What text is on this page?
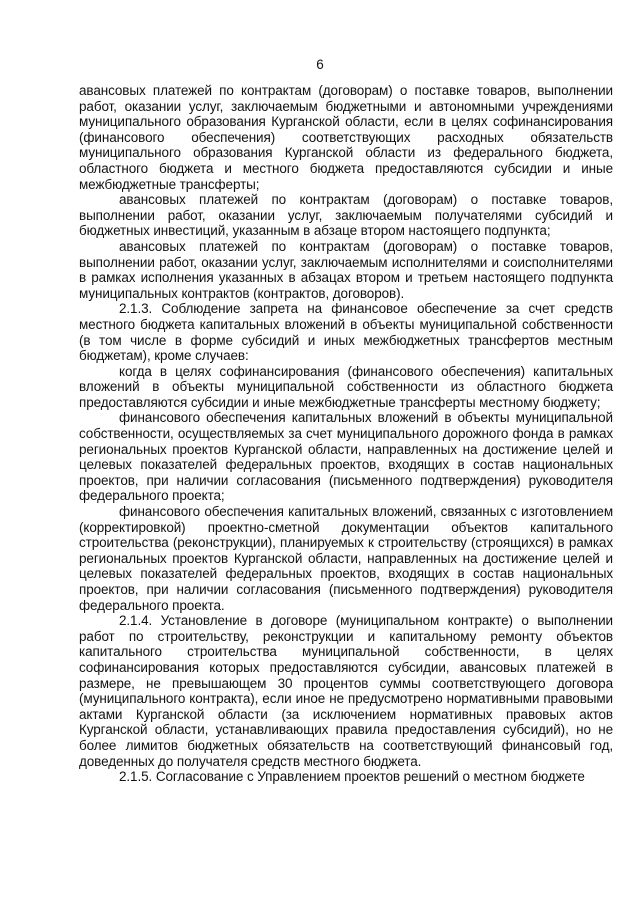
6

авансовых платежей по контрактам (договорам) о поставке товаров, выполнении работ, оказании услуг, заключаемым бюджетными и автономными учреждениями муниципального образования Курганской области, если в целях софинансирования (финансового обеспечения) соответствующих расходных обязательств муниципального образования Курганской области из федерального бюджета, областного бюджета и местного бюджета предоставляются субсидии и иные межбюджетные трансферты;

авансовых платежей по контрактам (договорам) о поставке товаров, выполнении работ, оказании услуг, заключаемым получателями субсидий и бюджетных инвестиций, указанным в абзаце втором настоящего подпункта;

авансовых платежей по контрактам (договорам) о поставке товаров, выполнении работ, оказании услуг, заключаемым исполнителями и соисполнителями в рамках исполнения указанных в абзацах втором и третьем настоящего подпункта муниципальных контрактов (контрактов, договоров).

2.1.3. Соблюдение запрета на финансовое обеспечение за счет средств местного бюджета капитальных вложений в объекты муниципальной собственности (в том числе в форме субсидий и иных межбюджетных трансфертов местным бюджетам), кроме случаев:

когда в целях софинансирования (финансового обеспечения) капитальных вложений в объекты муниципальной собственности из областного бюджета предоставляются субсидии и иные межбюджетные трансферты местному бюджету;

финансового обеспечения капитальных вложений в объекты муниципальной собственности, осуществляемых за счет муниципального дорожного фонда в рамках региональных проектов Курганской области, направленных на достижение целей и целевых показателей федеральных проектов, входящих в состав национальных проектов, при наличии согласования (письменного подтверждения) руководителя федерального проекта;

финансового обеспечения капитальных вложений, связанных с изготовлением (корректировкой) проектно-сметной документации объектов капитального строительства (реконструкции), планируемых к строительству (строящихся) в рамках региональных проектов Курганской области, направленных на достижение целей и целевых показателей федеральных проектов, входящих в состав национальных проектов, при наличии согласования (письменного подтверждения) руководителя федерального проекта.

2.1.4. Установление в договоре (муниципальном контракте) о выполнении работ по строительству, реконструкции и капитальному ремонту объектов капитального строительства муниципальной собственности, в целях софинансирования которых предоставляются субсидии, авансовых платежей в размере, не превышающем 30 процентов суммы соответствующего договора (муниципального контракта), если иное не предусмотрено нормативными правовыми актами Курганской области (за исключением нормативных правовых актов Курганской области, устанавливающих правила предоставления субсидий), но не более лимитов бюджетных обязательств на соответствующий финансовый год, доведенных до получателя средств местного бюджета.

2.1.5. Согласование с Управлением проектов решений о местном бюджете
